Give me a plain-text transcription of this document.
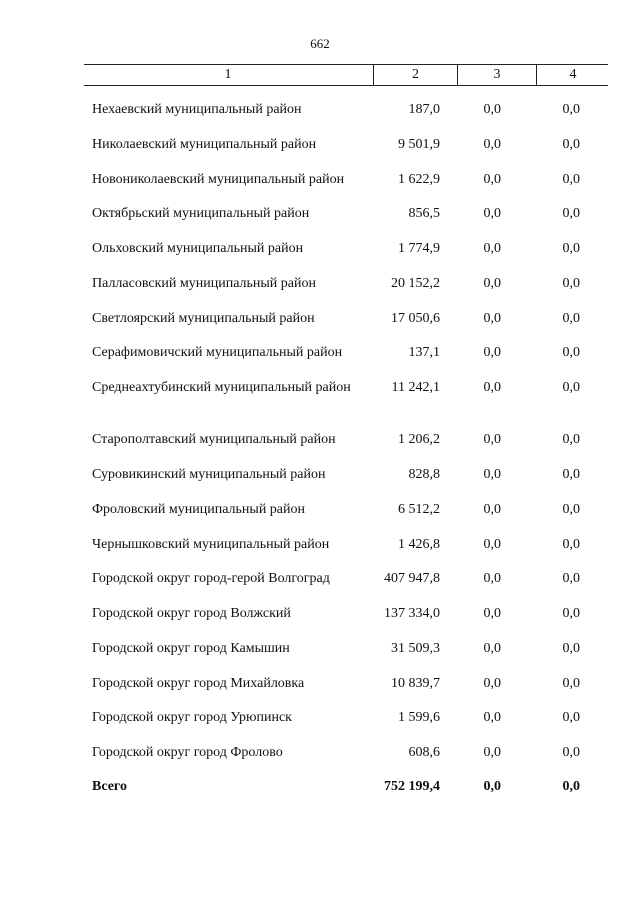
662
1	2	3	4
Нехаевский муниципальный район	187,0	0,0	0,0
Николаевский муниципальный район	9 501,9	0,0	0,0
Новониколаевский муниципальный район	1 622,9	0,0	0,0
Октябрьский муниципальный район	856,5	0,0	0,0
Ольховский муниципальный район	1 774,9	0,0	0,0
Палласовский муниципальный район	20 152,2	0,0	0,0
Светлоярский муниципальный район	17 050,6	0,0	0,0
Серафимовичский муниципальный район	137,1	0,0	0,0
Среднеахтубинский муниципальный район	11 242,1	0,0	0,0
Старополтавский муниципальный район	1 206,2	0,0	0,0
Суровикинский муниципальный район	828,8	0,0	0,0
Фроловский муниципальный район	6 512,2	0,0	0,0
Чернышковский муниципальный район	1 426,8	0,0	0,0
Городской округ город-герой Волгоград	407 947,8	0,0	0,0
Городской округ город Волжский	137 334,0	0,0	0,0
Городской округ город Камышин	31 509,3	0,0	0,0
Городской округ город Михайловка	10 839,7	0,0	0,0
Городской округ город Урюпинск	1 599,6	0,0	0,0
Городской округ город Фролово	608,6	0,0	0,0
Всего	752 199,4	0,0	0,0
